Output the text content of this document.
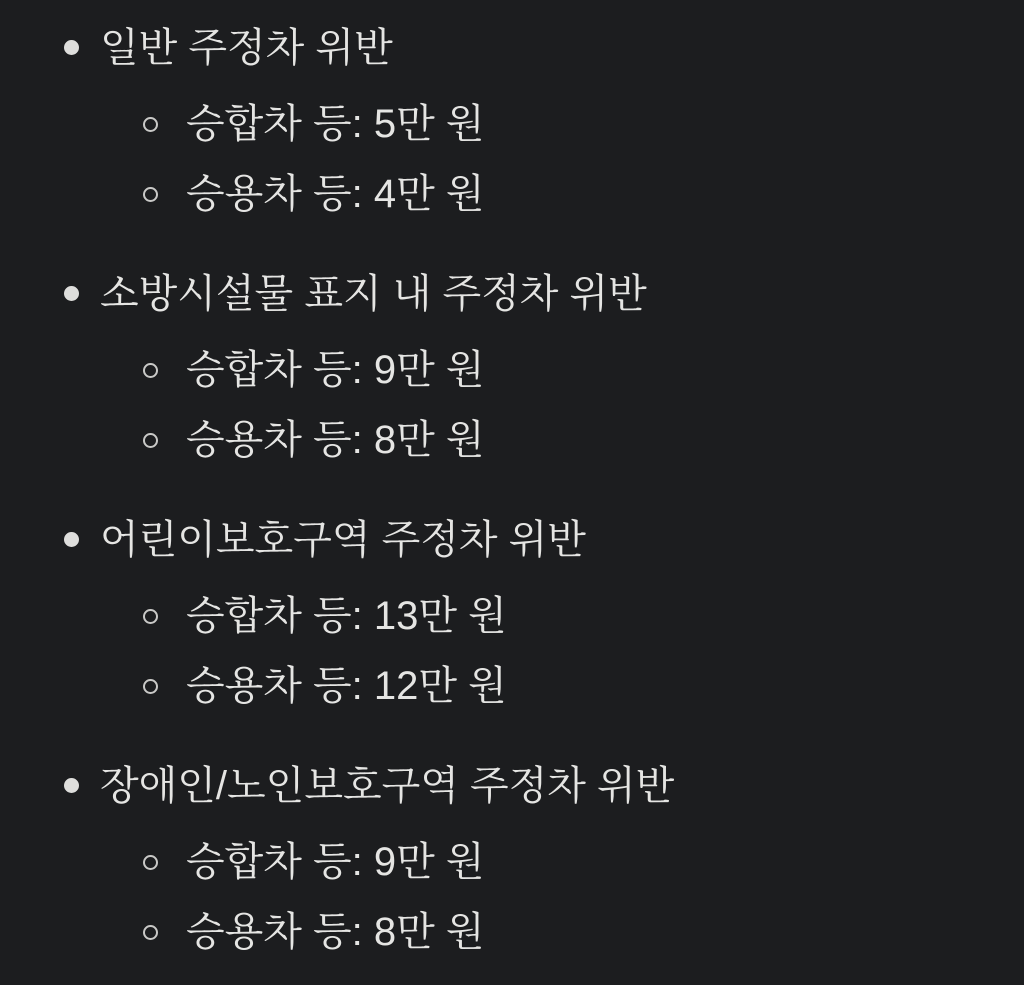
일반 주정차 위반
승합차 등: 5만 원
승용차 등: 4만 원
소방시설물 표지 내 주정차 위반
승합차 등: 9만 원
승용차 등: 8만 원
어린이보호구역 주정차 위반
승합차 등: 13만 원
승용차 등: 12만 원
장애인/노인보호구역 주정차 위반
승합차 등: 9만 원
승용차 등: 8만 원
